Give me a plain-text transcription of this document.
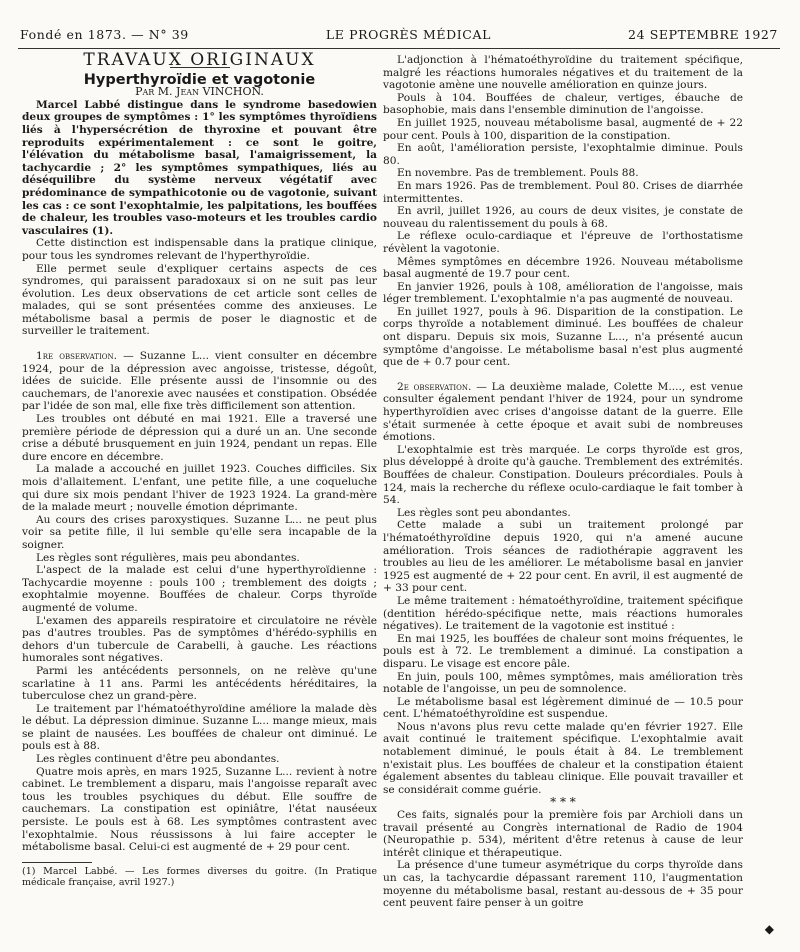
Fondé en 1873. — N° 39	LE PROGRÈS MÉDICAL	24 SEPTEMBRE 1927

TRAVAUX ORIGINAUX

Hyperthyroïdie et vagotonie

Par M. Jean VINCHON.

Marcel Labbé distingue dans le syndrome basedowien deux groupes de symptômes : 1° les symptômes thyroïdiens liés à l'hypersécrétion de thyroxine et pouvant être reproduits expérimentalement : ce sont le goitre, l'élévation du métabolisme basal, l'amaigrissement, la tachycardie ; 2° les symptômes sympathiques, liés au déséquilibre du système nerveux végétatif avec prédominance de sympathicotonie ou de vagotonie, suivant les cas : ce sont l'exophtalmie, les palpitations, les bouffées de chaleur, les troubles vaso-moteurs et les troubles cardio vasculaires (1).

Cette distinction est indispensable dans la pratique clinique, pour tous les syndromes relevant de l'hyperthyroïdie.

Elle permet seule d'expliquer certains aspects de ces syndromes, qui paraissent paradoxaux si on ne suit pas leur évolution. Les deux observations de cet article sont celles de malades, qui se sont présentées comme des anxieuses. Le métabolisme basal a permis de poser le diagnostic et de surveiller le traitement.

1re observation. — Suzanne L... vient consulter en décembre 1924, pour de la dépression avec angoisse, tristesse, dégoût, idées de suicide. Elle présente aussi de l'insomnie ou des cauchemars, de l'anorexie avec nausées et constipation. Obsédée par l'idée de son mal, elle fixe très difficilement son attention.

Les troubles ont débuté en mai 1921. Elle a traversé une première période de dépression qui a duré un an. Une seconde crise a débuté brusquement en juin 1924, pendant un repas. Elle dure encore en décembre.

La malade a accouché en juillet 1923. Couches difficiles. Six mois d'allaitement. L'enfant, une petite fille, a une coqueluche qui dure six mois pendant l'hiver de 1923 1924. La grand-mère de la malade meurt ; nouvelle émotion déprimante.

Au cours des crises paroxystiques. Suzanne L... ne peut plus voir sa petite fille, il lui semble qu'elle sera incapable de la soigner.

Les règles sont régulières, mais peu abondantes.

L'aspect de la malade est celui d'une hyperthyroïdienne : Tachycardie moyenne : pouls 100 ; tremblement des doigts ; exophtalmie moyenne. Bouffées de chaleur. Corps thyroïde augmenté de volume.

L'examen des appareils respiratoire et circulatoire ne révèle pas d'autres troubles. Pas de symptômes d'hérédo-syphilis en dehors d'un tubercule de Carabelli, à gauche. Les réactions humorales sont négatives.

Parmi les antécédents personnels, on ne relève qu'une scarlatine à 11 ans. Parmi les antécédents héréditaires, la tuberculose chez un grand-père.

Le traitement par l'hématoéthyroïdine améliore la malade dès le début. La dépression diminue. Suzanne L... mange mieux, mais se plaint de nausées. Les bouffées de chaleur ont diminué. Le pouls est à 88.

Les règles continuent d'être peu abondantes.

Quatre mois après, en mars 1925, Suzanne L... revient à notre cabinet. Le tremblement a disparu, mais l'angoisse reparaît avec tous les troubles psychiques du début. Elle souffre de cauchemars. La constipation est opiniâtre, l'état nauséeux persiste. Le pouls est à 68. Les symptômes contrastent avec l'exophtalmie. Nous réussissons à lui faire accepter le métabolisme basal. Celui-ci est augmenté de + 29 pour cent.

(1) Marcel Labbé. — Les formes diverses du goitre. (In Pratique médicale française, avril 1927.)

L'adjonction à l'hématoéthyroïdine du traitement spécifique, malgré les réactions humorales négatives et du traitement de la vagotonie amène une nouvelle amélioration en quinze jours.

Pouls à 104. Bouffées de chaleur, vertiges, ébauche de basophobie, mais dans l'ensemble diminution de l'angoisse.

En juillet 1925, nouveau métabolisme basal, augmenté de + 22 pour cent. Pouls à 100, disparition de la constipation.

En août, l'amélioration persiste, l'exophtalmie diminue. Pouls 80.

En novembre. Pas de tremblement. Pouls 88.

En mars 1926. Pas de tremblement. Poul 80. Crises de diarrhée intermittentes.

En avril, juillet 1926, au cours de deux visites, je constate de nouveau du ralentissement du pouls à 68.

Le réflexe oculo-cardiaque et l'épreuve de l'orthostatisme révèlent la vagotonie.

Mêmes symptômes en décembre 1926. Nouveau métabolisme basal augmenté de 19.7 pour cent.

En janvier 1926, pouls à 108, amélioration de l'angoisse, mais léger tremblement. L'exophtalmie n'a pas augmenté de nouveau.

En juillet 1927, pouls à 96. Disparition de la constipation. Le corps thyroïde a notablement diminué. Les bouffées de chaleur ont disparu. Depuis six mois, Suzanne L..., n'a présenté aucun symptôme d'angoisse. Le métabolisme basal n'est plus augmenté que de + 0.7 pour cent.

2e observation. — La deuxième malade, Colette M...., est venue consulter également pendant l'hiver de 1924, pour un syndrome hyperthyroïdien avec crises d'angoisse datant de la guerre. Elle s'était surmenée à cette époque et avait subi de nombreuses émotions.

L'exophtalmie est très marquée. Le corps thyroïde est gros, plus développé à droite qu'à gauche. Tremblement des extrémités. Bouffées de chaleur. Constipation. Douleurs précordiales. Pouls à 124, mais la recherche du réflexe oculo-cardiaque le fait tomber à 54.

Les règles sont peu abondantes.

Cette malade a subi un traitement prolongé par l'hématoéthyroïdine depuis 1920, qui n'a amené aucune amélioration. Trois séances de radiothérapie aggravent les troubles au lieu de les améliorer. Le métabolisme basal en janvier 1925 est augmenté de + 22 pour cent. En avril, il est augmenté de + 33 pour cent.

Le même traitement : hématoéthyroïdine, traitement spécifique (dentition hérédo-spécifique nette, mais réactions humorales négatives). Le traitement de la vagotonie est institué :

En mai 1925, les bouffées de chaleur sont moins fréquentes, le pouls est à 72. Le tremblement a diminué. La constipation a disparu. Le visage est encore pâle.

En juin, pouls 100, mêmes symptômes, mais amélioration très notable de l'angoisse, un peu de somnolence.

Le métabolisme basal est légèrement diminué de — 10.5 pour cent. L'hématoéthyroïdine est suspendue.

Nous n'avons plus revu cette malade qu'en février 1927. Elle avait continué le traitement spécifique. L'exophtalmie avait notablement diminué, le pouls était à 84. Le tremblement n'existait plus. Les bouffées de chaleur et la constipation étaient également absentes du tableau clinique. Elle pouvait travailler et se considérait comme guérie.

* * *

Ces faits, signalés pour la première fois par Archioli dans un travail présenté au Congrès international de Radio de 1904 (Neuropathie p. 534), méritent d'être retenus à cause de leur intérêt clinique et thérapeutique.

La présence d'une tumeur asymétrique du corps thyroïde dans un cas, la tachycardie dépassant rarement 110, l'augmentation moyenne du métabolisme basal, restant au-dessous de + 35 pour cent peuvent faire penser à un goitre

◆
